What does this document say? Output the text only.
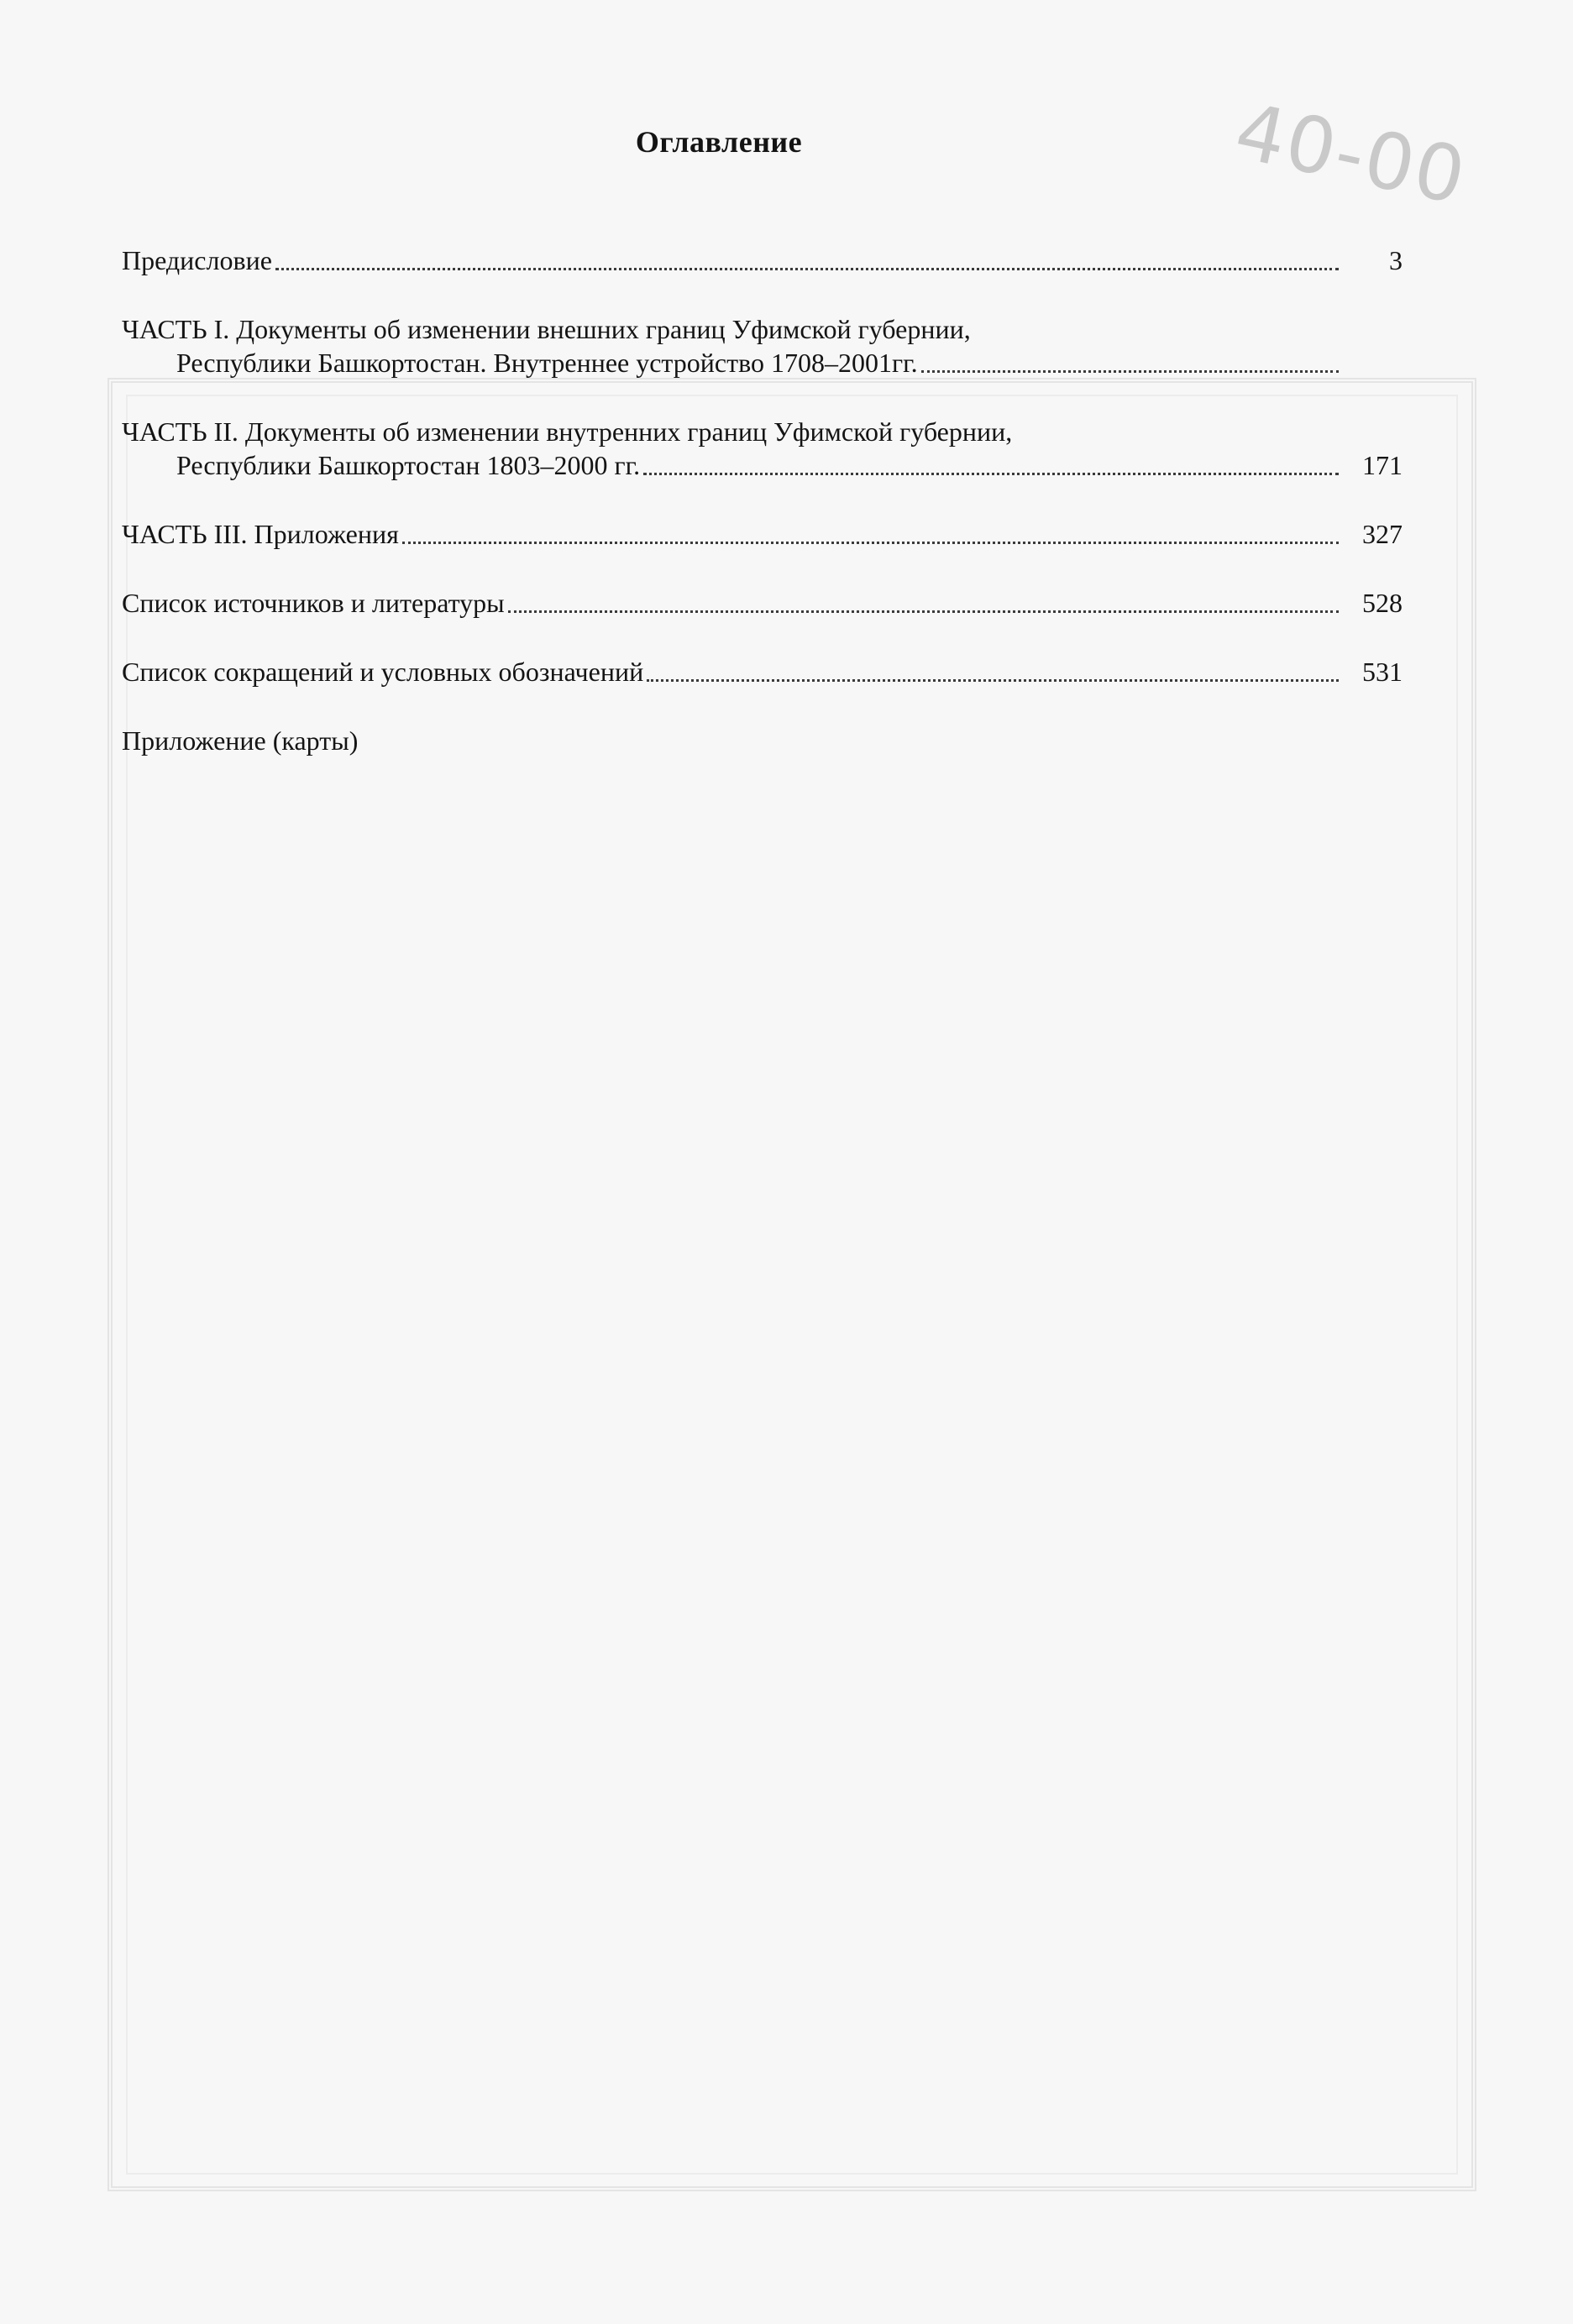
40-00
Оглавление
Предисловие	3
ЧАСТЬ I. Документы об изменении внешних границ Уфимской губернии,
Республики Башкортостан. Внутреннее устройство 1708–2001гг.
ЧАСТЬ II. Документы об изменении внутренних границ Уфимской губернии,
Республики Башкортостан 1803–2000 гг.	171
ЧАСТЬ III. Приложения	327
Список источников и литературы	528
Список сокращений и условных обозначений	531
Приложение (карты)
